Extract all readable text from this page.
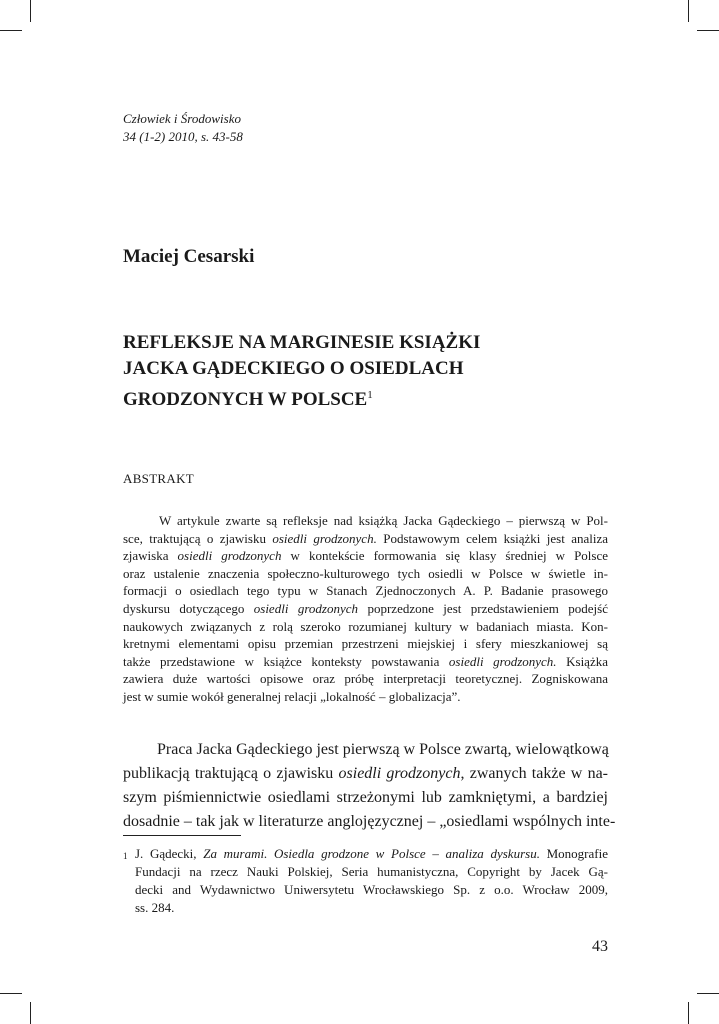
Człowiek i Środowisko
34 (1-2) 2010, s. 43-58
Maciej Cesarski
REFLEKSJE NA MARGINESIE KSIĄŻKI
JACKA GĄDECKIEGO O OSIEDLACH
GRODZONYCH W POLSCE$^1$
ABSTRAKT
W artykule zwarte są refleksje nad książką Jacka Gądeckiego – pierwszą w Pol-
sce, traktującą o zjawisku osiedli grodzonych. Podstawowym celem książki jest analiza
zjawiska osiedli grodzonych w kontekście formowania się klasy średniej w Polsce
oraz ustalenie znaczenia społeczno-kulturowego tych osiedli w Polsce w świetle in-
formacji o osiedlach tego typu w Stanach Zjednoczonych A. P. Badanie prasowego
dyskursu dotyczącego osiedli grodzonych poprzedzone jest przedstawieniem podejść
naukowych związanych z rolą szeroko rozumianej kultury w badaniach miasta. Kon-
kretnymi elementami opisu przemian przestrzeni miejskiej i sfery mieszkaniowej są
także przedstawione w książce konteksty powstawania osiedli grodzonych. Książka
zawiera duże wartości opisowe oraz próbę interpretacji teoretycznej. Zogniskowana
jest w sumie wokół generalnej relacji „lokalność – globalizacja”.
Praca Jacka Gądeckiego jest pierwszą w Polsce zwartą, wielowątkową
publikacją traktującą o zjawisku osiedli grodzonych, zwanych także w na-
szym piśmiennictwie osiedlami strzeżonymi lub zamkniętymi, a bardziej
dosadnie – tak jak w literaturze anglojęzycznej – „osiedlami wspólnych inte-
1 J. Gądecki, Za murami. Osiedla grodzone w Polsce – analiza dyskursu. Monografie
Fundacji na rzecz Nauki Polskiej, Seria humanistyczna, Copyright by Jacek Gą-
decki and Wydawnictwo Uniwersytetu Wrocławskiego Sp. z o.o. Wrocław 2009,
ss. 284.
43
